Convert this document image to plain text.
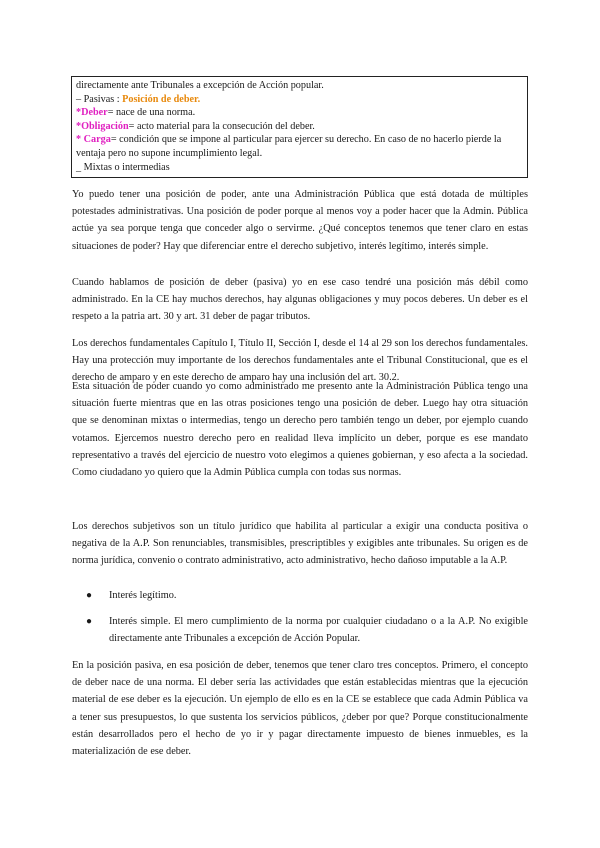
directamente ante Tribunales a excepción de Acción popular.
– Pasivas : Posición de deber.
*Deber= nace de una norma.
*Obligación= acto material para la consecución del deber.
* Carga= condición que se impone al particular para ejercer su derecho. En caso de no hacerlo pierde la ventaja pero no supone incumplimiento legal.
_ Mixtas o intermedias

Yo puedo tener una posición de poder, ante una Administración Pública que está dotada de múltiples potestades administrativas. Una posición de poder porque al menos voy a poder hacer que la Admin. Pública actúe ya sea porque tenga que conceder algo o servirme. ¿Qué conceptos tenemos que tener claro en estas situaciones de poder? Hay que diferenciar entre el derecho subjetivo, interés legítimo, interés simple.

Cuando hablamos de posición de deber (pasiva) yo en ese caso tendré una posición más débil como administrado. En la CE hay muchos derechos, hay algunas obligaciones y muy pocos deberes. Un deber es el respeto a la patria art. 30 y art. 31 deber de pagar tributos.

Los derechos fundamentales Capítulo I, Título II, Sección I, desde el 14 al 29 son los derechos fundamentales. Hay una protección muy importante de los derechos fundamentales ante el Tribunal Constitucional, que es el derecho de amparo y en este derecho de amparo hay una inclusión del art. 30.2.

Esta situación de poder cuando yo como administrado me presento ante la Administración Pública tengo una situación fuerte mientras que en las otras posiciones tengo una posición de deber. Luego hay otra situación que se denominan mixtas o intermedias, tengo un derecho pero también tengo un deber, por ejemplo cuando votamos. Ejercemos nuestro derecho pero en realidad lleva implícito un deber, porque es ese mandato representativo a través del ejercicio de nuestro voto elegimos a quienes gobiernan, y eso afecta a la sociedad. Como ciudadano yo quiero que la Admin Pública cumpla con todas sus normas.

Los derechos subjetivos son un título jurídico que habilita al particular a exigir una conducta positiva o negativa de la A.P. Son renunciables, transmisibles, prescriptibles y exigibles ante tribunales. Su origen es de norma jurídica, convenio o contrato administrativo, acto administrativo, hecho dañoso imputable a la A.P.

● Interés legítimo.
● Interés simple. El mero cumplimiento de la norma por cualquier ciudadano o a la A.P. No exigible directamente ante Tribunales a excepción de Acción Popular.

En la posición pasiva, en esa posición de deber, tenemos que tener claro tres conceptos. Primero, el concepto de deber nace de una norma. El deber sería las actividades que están establecidas mientras que la ejecución material de ese deber es la ejecución. Un ejemplo de ello es en la CE se establece que cada Admin Pública va a tener sus presupuestos, lo que sustenta los servicios públicos, ¿deber por que? Porque constitucionalmente están desarrollados pero el hecho de yo ir y pagar directamente impuesto de bienes inmuebles, es la materialización de ese deber.
